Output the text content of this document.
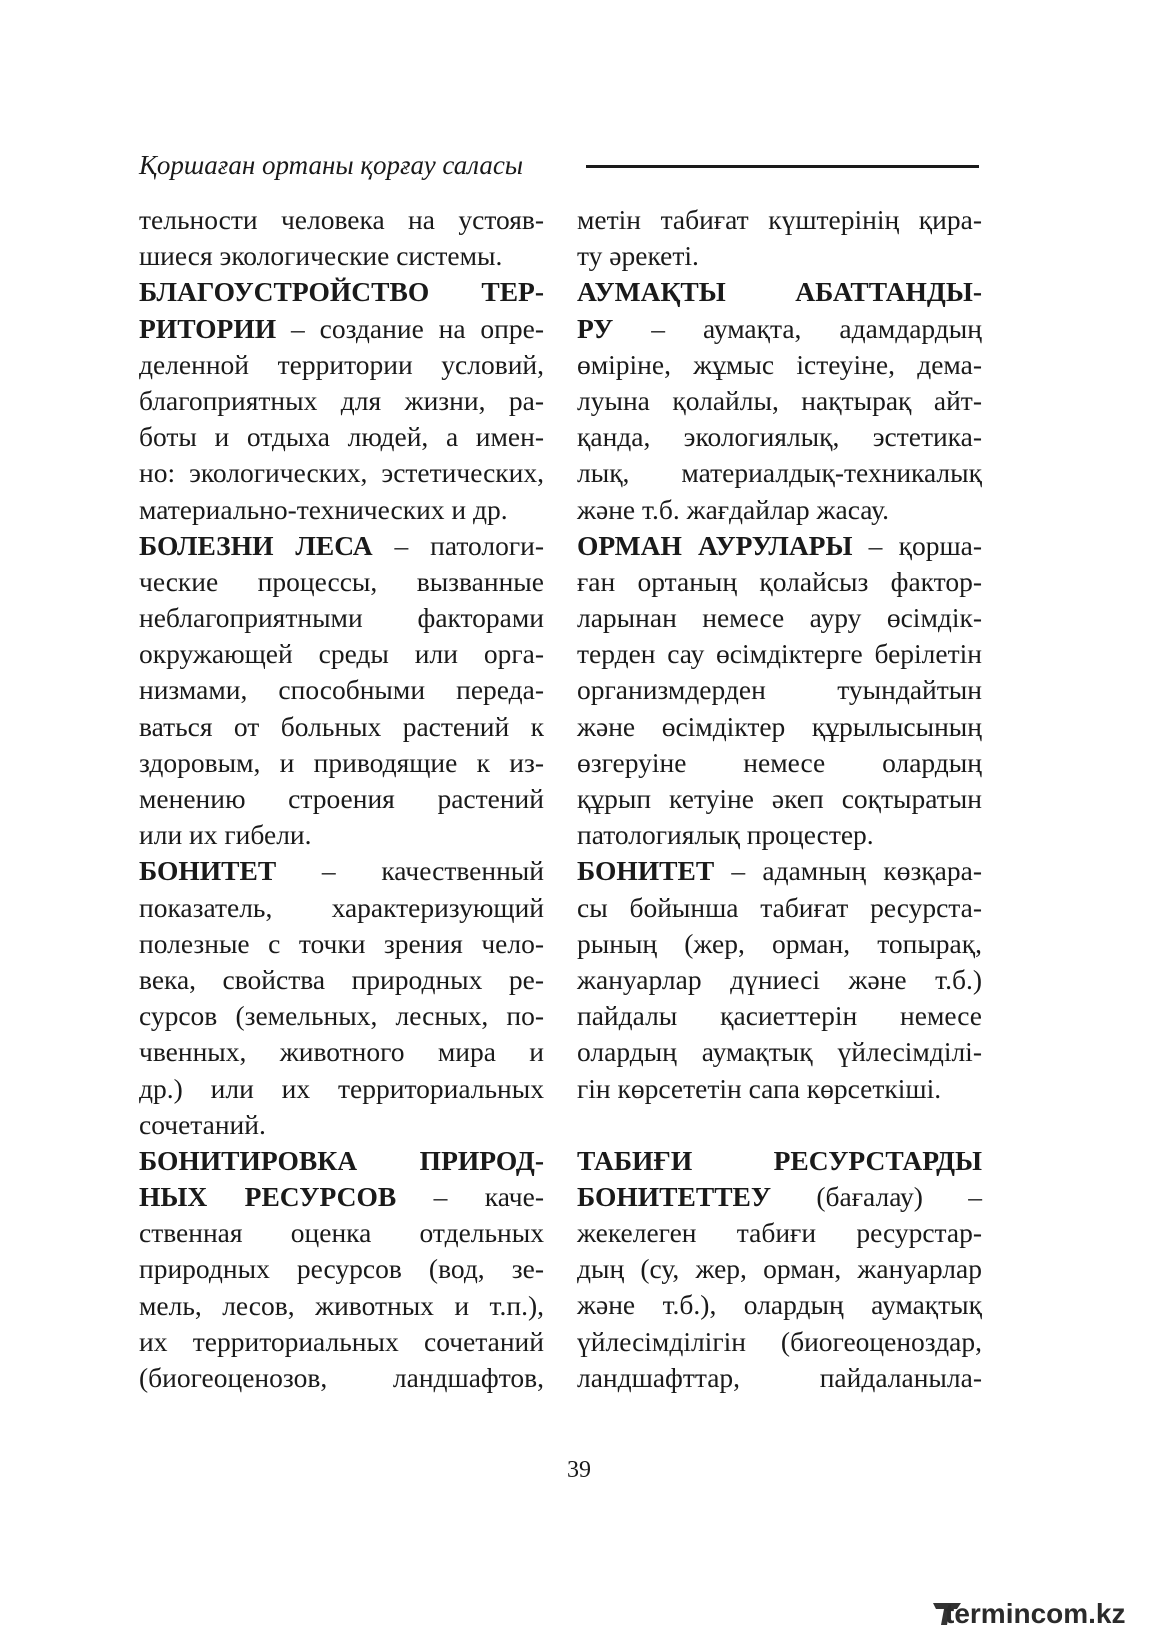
Қоршаған ортаны қорғау саласы
тельности человека на устояв-
шиеся экологические системы.
БЛАГОУСТРОЙСТВО ТЕР-
РИТОРИИ – создание на опре-
деленной территории условий,
благоприятных для жизни, ра-
боты и отдыха людей, а имен-
но: экологических, эстетических,
материально-технических и др.
БОЛЕЗНИ ЛЕСА – патологи-
ческие процессы, вызванные
неблагоприятными факторами
окружающей среды или орга-
низмами, способными переда-
ваться от больных растений к
здоровым, и приводящие к из-
менению строения растений
или их гибели.
БОНИТЕТ – качественный
показатель, характеризующий
полезные с точки зрения чело-
века, свойства природных ре-
сурсов (земельных, лесных, по-
чвенных, животного мира и
др.) или их территориальных
сочетаний.
БОНИТИРОВКА ПРИРОД-
НЫХ РЕСУРСОВ – каче-
ственная оценка отдельных
природных ресурсов (вод, зе-
мель, лесов, животных и т.п.),
их территориальных сочетаний
(биогеоценозов, ландшафтов,
метін табиғат күштерінің қира-
ту әрекеті.
АУМАҚТЫ АБАТТАНДЫ-
РУ – аумақта, адамдардың
өміріне, жұмыс істеуіне, дема-
луына қолайлы, нақтырақ айт-
қанда, экологиялық, эстетика-
лық, материалдық-техникалық
және т.б. жағдайлар жасау.
ОРМАН АУРУЛАРЫ – қорша-
ған ортаның қолайсыз фактор-
ларынан немесе ауру өсімдік-
терден сау өсімдіктерге берілетін
организмдерден туындайтын
және өсімдіктер құрылысының
өзгеруіне немесе олардың
құрып кетуіне әкеп соқтыратын
патологиялық процестер.
БОНИТЕТ – адамның көзқара-
сы бойынша табиғат ресурста-
рының (жер, орман, топырақ,
жануарлар дүниесі және т.б.)
пайдалы қасиеттерін немесе
олардың аумақтық үйлесімділі-
гін көрсететін сапа көрсеткіші.
ТАБИҒИ РЕСУРСТАРДЫ
БОНИТЕТТЕУ (бағалау) –
жекелеген табиғи ресурстар-
дың (су, жер, орман, жануарлар
және т.б.), олардың аумақтық
үйлесімділігін (биогеоценоздар,
ландшафттар, пайдаланыла-
39
termincom.kz
